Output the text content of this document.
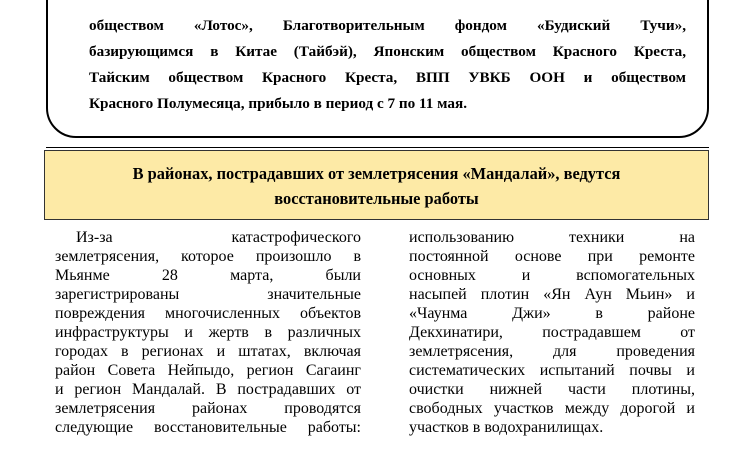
обществом «Лотос», Благотворительным фондом «Будиский Тучи»,
базирующимся в Китае (Тайбэй), Японским обществом Красного Креста,
Тайским обществом Красного Креста, ВПП УВКБ ООН и обществом
Красного Полумесяца, прибыло в период с 7 по 11 мая.
В районах, пострадавших от землетрясения «Мандалай», ведутся
восстановительные работы
Из-за катастрофического
землетрясения, которое произошло в
Мьянме 28 марта, были
зарегистрированы значительные
повреждения многочисленных объектов
инфраструктуры и жертв в различных
городах в регионах и штатах, включая
район Совета Нейпыдо, регион Сагаинг
и регион Мандалай. В пострадавших от
землетрясения районах проводятся
следующие восстановительные работы:
использованию техники на
постоянной основе при ремонте
основных и вспомогательных
насыпей плотин «Ян Аун Мьин» и
«Чаунма Джи» в районе
Декхинатири, пострадавшем от
землетрясения, для проведения
систематических испытаний почвы и
очистки нижней части плотины,
свободных участков между дорогой и
участков в водохранилищах.
